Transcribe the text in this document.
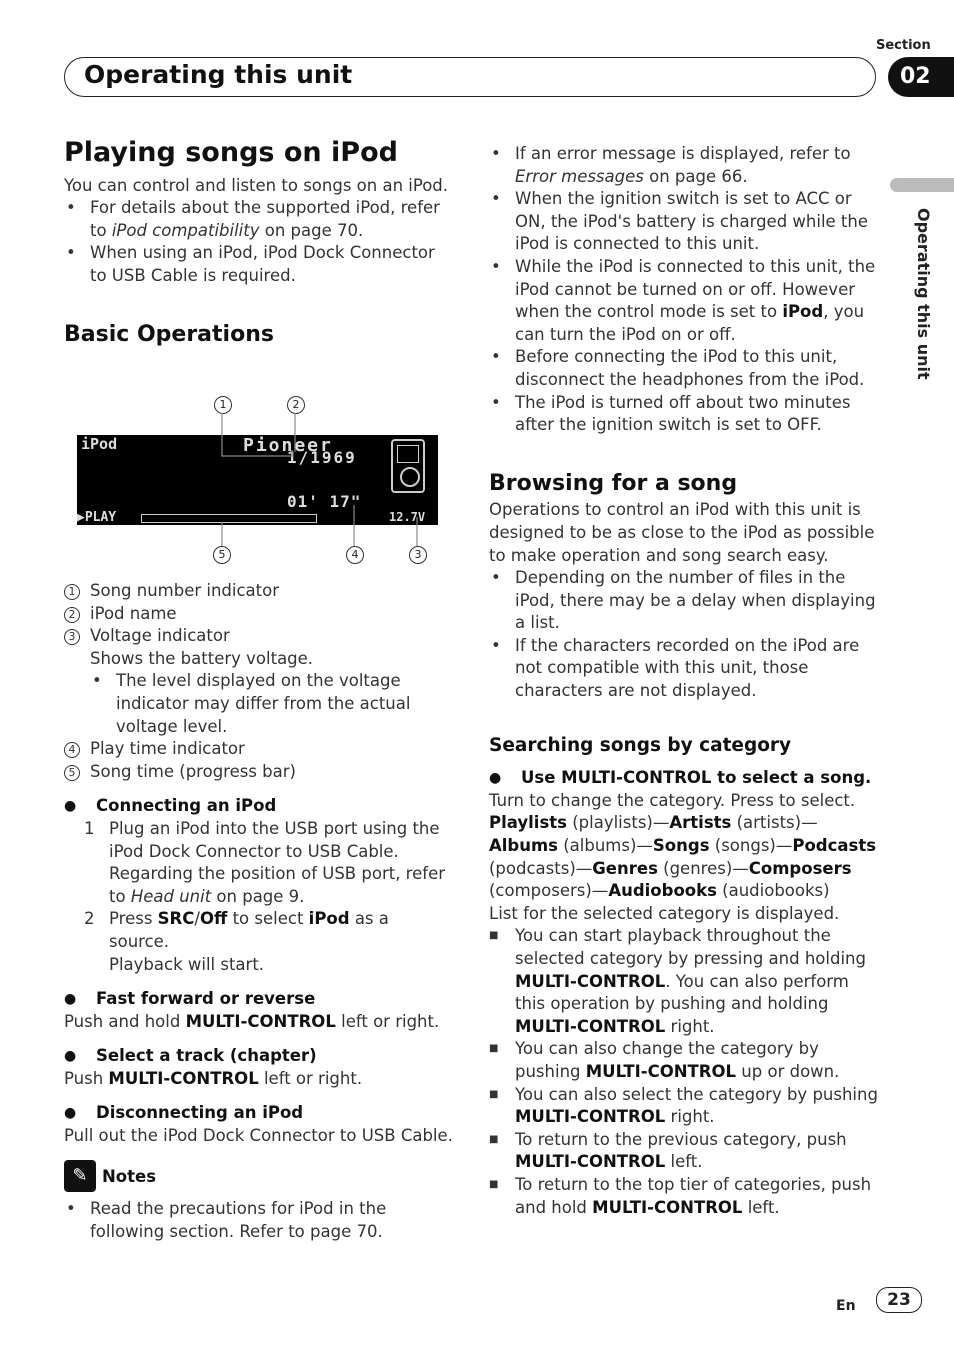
Section
Operating this unit	02
Operating this unit

Playing songs on iPod

You can control and listen to songs on an iPod.

• For details about the supported iPod, refer to iPod compatibility on page 70.

• When using an iPod, iPod Dock Connector to USB Cable is required.

Basic Operations

1	2
5	4	3
iPod	Pioneer
1/1969
01' 17"
▶PLAY	12.7V

1 Song number indicator

2 iPod name

3 Voltage indicator

Shows the battery voltage.

• The level displayed on the voltage indicator may differ from the actual voltage level.

4 Play time indicator

5 Song time (progress bar)

● Connecting an iPod

1 Plug an iPod into the USB port using the iPod Dock Connector to USB Cable. Regarding the position of USB port, refer to Head unit on page 9.

2 Press SRC/Off to select iPod as a source.
Playback will start.

● Fast forward or reverse

Push and hold MULTI-CONTROL left or right.

● Select a track (chapter)

Push MULTI-CONTROL left or right.

● Disconnecting an iPod

Pull out the iPod Dock Connector to USB Cable.

✎ Notes

• Read the precautions for iPod in the following section. Refer to page 70.

• If an error message is displayed, refer to Error messages on page 66.

• When the ignition switch is set to ACC or ON, the iPod's battery is charged while the iPod is connected to this unit.

• While the iPod is connected to this unit, the iPod cannot be turned on or off. However when the control mode is set to iPod, you can turn the iPod on or off.

• Before connecting the iPod to this unit, disconnect the headphones from the iPod.

• The iPod is turned off about two minutes after the ignition switch is set to OFF.

Browsing for a song

Operations to control an iPod with this unit is designed to be as close to the iPod as possible to make operation and song search easy.

• Depending on the number of files in the iPod, there may be a delay when displaying a list.

• If the characters recorded on the iPod are not compatible with this unit, those characters are not displayed.

Searching songs by category

● Use MULTI-CONTROL to select a song.

Turn to change the category. Press to select.

Playlists (playlists)—Artists (artists)—Albums (albums)—Songs (songs)—Podcasts (podcasts)—Genres (genres)—Composers (composers)—Audiobooks (audiobooks)

List for the selected category is displayed.

■ You can start playback throughout the selected category by pressing and holding MULTI-CONTROL. You can also perform this operation by pushing and holding MULTI-CONTROL right.

■ You can also change the category by pushing MULTI-CONTROL up or down.

■ You can also select the category by pushing MULTI-CONTROL right.

■ To return to the previous category, push MULTI-CONTROL left.

■ To return to the top tier of categories, push and hold MULTI-CONTROL left.

En	23
